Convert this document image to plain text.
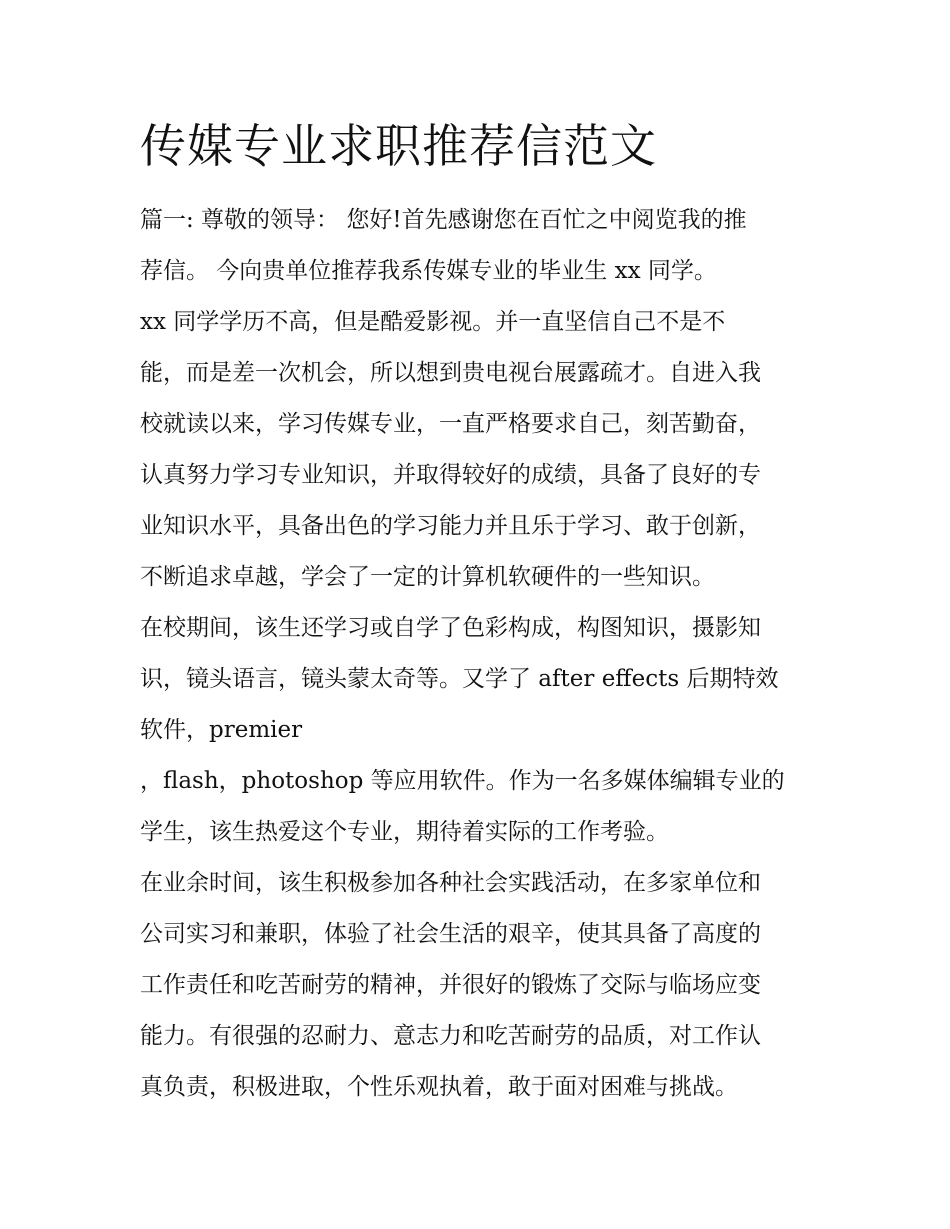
传媒专业求职推荐信范文

篇一: 尊敬的领导： 您好!首先感谢您在百忙之中阅览我的推

荐信。 今向贵单位推荐我系传媒专业的毕业生 xx 同学。

xx 同学学历不高，但是酷爱影视。并一直坚信自己不是不

能，而是差一次机会，所以想到贵电视台展露疏才。自进入我

校就读以来，学习传媒专业，一直严格要求自己，刻苦勤奋，

认真努力学习专业知识，并取得较好的成绩，具备了良好的专

业知识水平，具备出色的学习能力并且乐于学习、敢于创新，

不断追求卓越，学会了一定的计算机软硬件的一些知识。

在校期间，该生还学习或自学了色彩构成，构图知识，摄影知

识，镜头语言，镜头蒙太奇等。又学了 after effects 后期特效

软件，premier

，flash，photoshop 等应用软件。作为一名多媒体编辑专业的

学生，该生热爱这个专业，期待着实际的工作考验。

在业余时间，该生积极参加各种社会实践活动，在多家单位和

公司实习和兼职，体验了社会生活的艰辛，使其具备了高度的

工作责任和吃苦耐劳的精神，并很好的锻炼了交际与临场应变

能力。有很强的忍耐力、意志力和吃苦耐劳的品质，对工作认

真负责，积极进取，个性乐观执着，敢于面对困难与挑战。
